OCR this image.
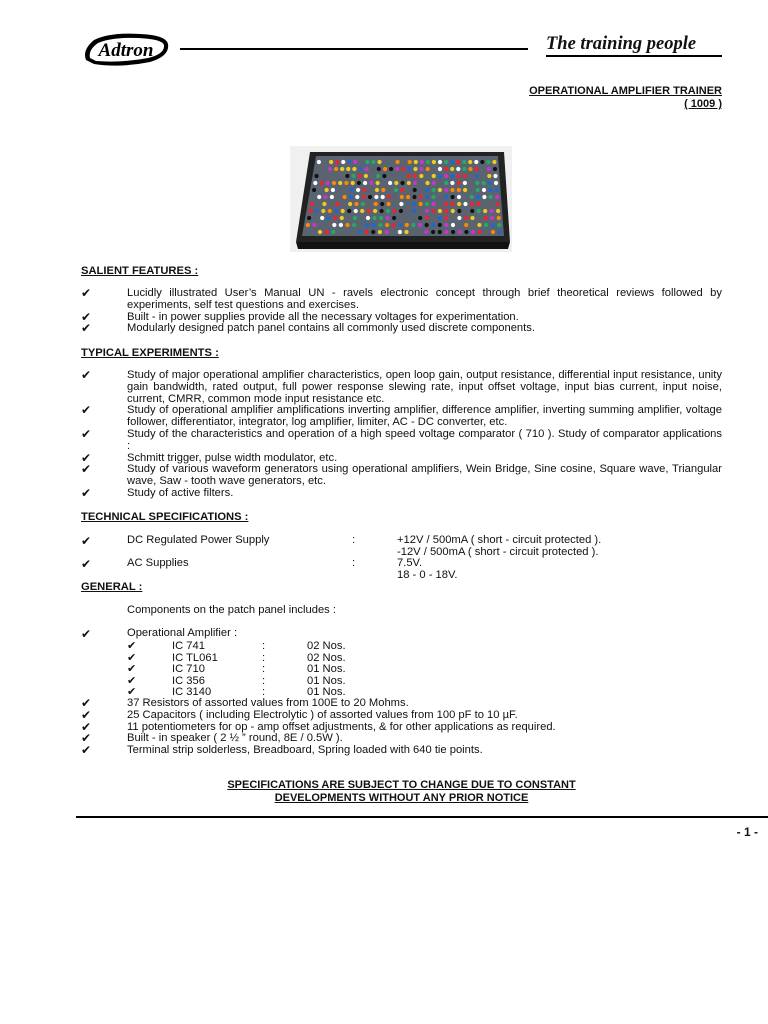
Adtron	The training people
OPERATIONAL AMPLIFIER TRAINER
( 1009 )
SALIENT FEATURES :
✔	Lucidly illustrated User’s Manual UN - ravels electronic concept through brief theoretical reviews followed by experiments, self test questions and exercises.
✔	Built - in power supplies provide all the necessary voltages for experimentation.
✔	Modularly designed patch panel contains all commonly used discrete components.
TYPICAL EXPERIMENTS :
✔	Study of major operational amplifier characteristics, open loop gain, output resistance, differential input resistance, unity gain bandwidth, rated output, full power response slewing rate, input offset voltage, input bias current, input noise, current, CMRR, common mode input resistance etc.
✔	Study of operational amplifier amplifications inverting amplifier, difference amplifier, inverting summing amplifier, voltage follower, differentiator, integrator, log amplifier, limiter, AC - DC converter, etc.
✔	Study of the characteristics and operation of a high speed voltage comparator ( 710 ). Study of comparator applications :
✔	Schmitt trigger, pulse width modulator, etc.
✔	Study of various waveform generators using operational amplifiers, Wein Bridge, Sine cosine, Square wave, Triangular wave, Saw - tooth wave generators, etc.
✔	Study of active filters.
TECHNICAL SPECIFICATIONS :
✔	DC Regulated Power Supply	:	+12V / 500mA ( short - circuit protected ).
-12V / 500mA ( short - circuit protected ).
✔	AC Supplies	:	7.5V.
18 - 0 - 18V.
GENERAL :
Components on the patch panel includes :
✔	Operational Amplifier :
✔	IC 741	:	02 Nos.
✔	IC TL061	:	02 Nos.
✔	IC 710	:	01 Nos.
✔	IC 356	:	01 Nos.
✔	IC 3140	:	01 Nos.
✔	37 Resistors of assorted values from 100E to 20 Mohms.
✔	25 Capacitors ( including Electrolytic ) of assorted values from 100 pF to 10 µF.
✔	11 potentiometers for op - amp offset adjustments, & for other applications as required.
✔	Built - in speaker ( 2 ½ ” round, 8E / 0.5W ).
✔	Terminal strip solderless, Breadboard, Spring loaded with 640 tie points.
SPECIFICATIONS ARE SUBJECT TO CHANGE DUE TO CONSTANT
DEVELOPMENTS WITHOUT ANY PRIOR NOTICE
- 1 -
